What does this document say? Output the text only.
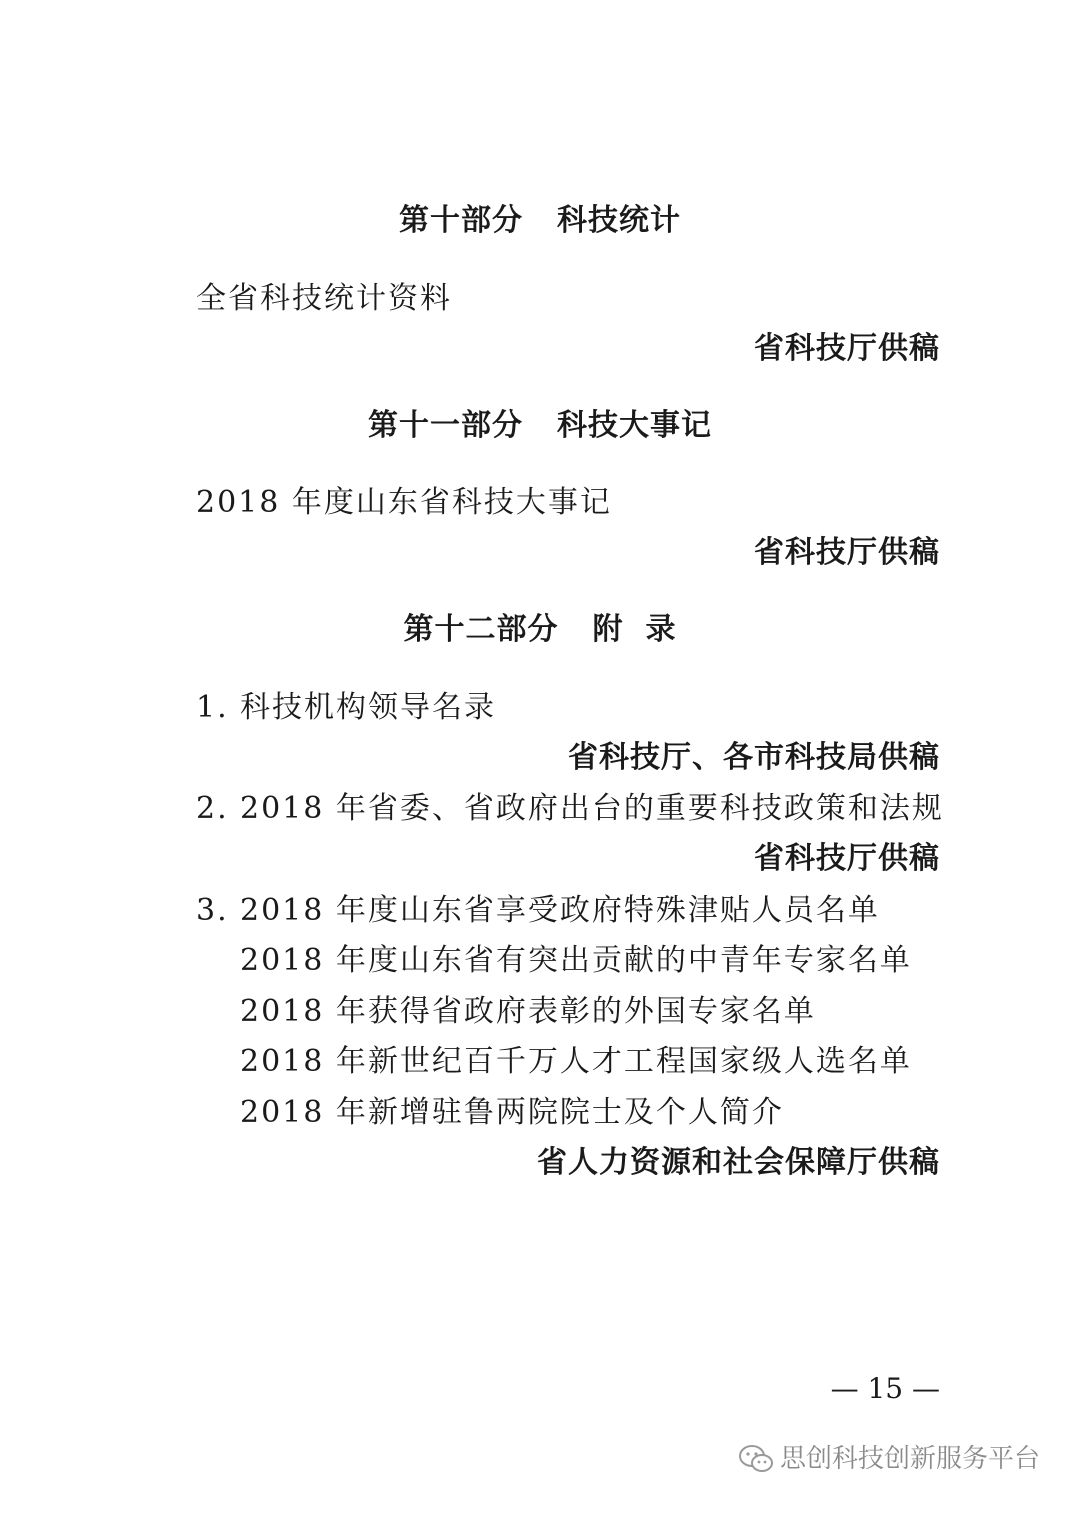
第十部分 科技统计
全省科技统计资料
省科技厅供稿
第十一部分 科技大事记
2018 年度山东省科技大事记
省科技厅供稿
第十二部分 附 录
1. 科技机构领导名录
省科技厅、各市科技局供稿
2. 2018 年省委、省政府出台的重要科技政策和法规
省科技厅供稿
3. 2018 年度山东省享受政府特殊津贴人员名单
2018 年度山东省有突出贡献的中青年专家名单
2018 年获得省政府表彰的外国专家名单
2018 年新世纪百千万人才工程国家级人选名单
2018 年新增驻鲁两院院士及个人简介
省人力资源和社会保障厅供稿
— 15 —
思创科技创新服务平台
